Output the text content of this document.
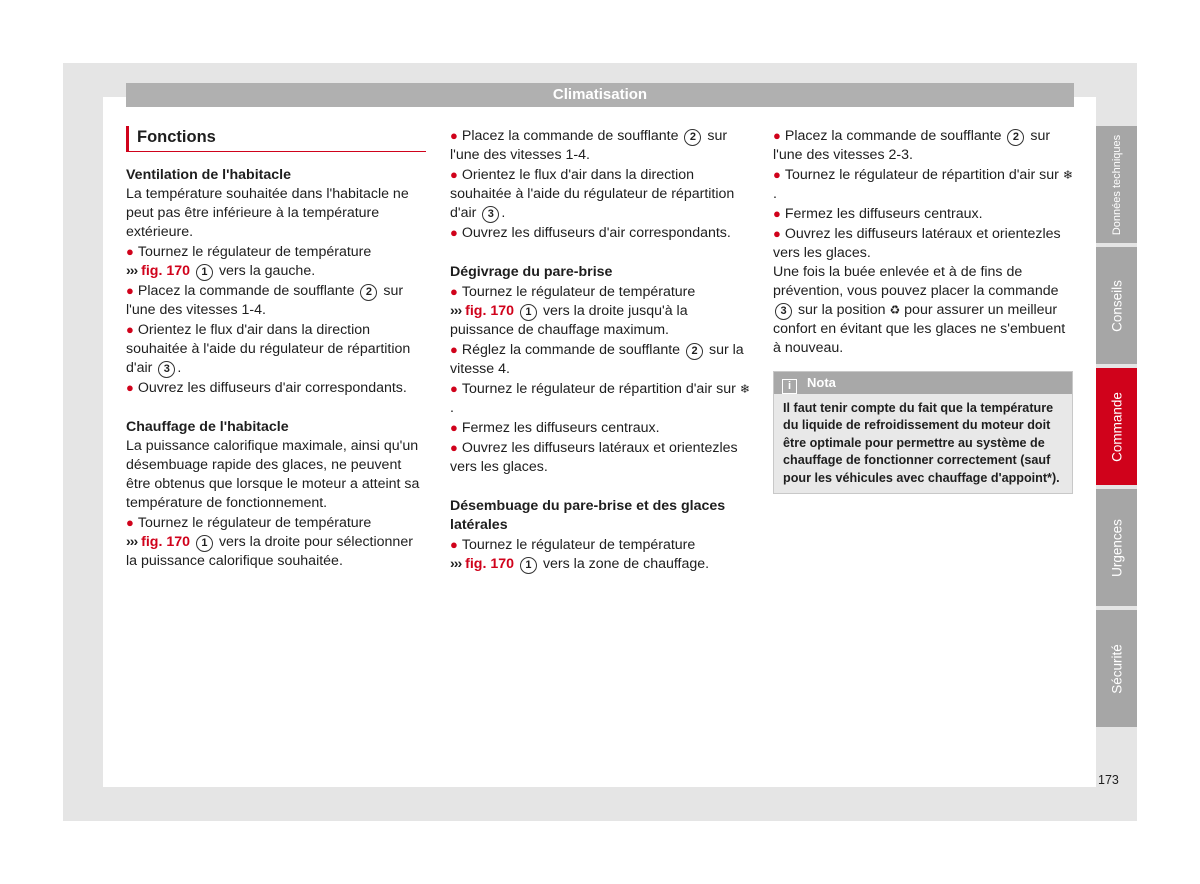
Climatisation
Fonctions

Ventilation de l'habitacle

La température souhaitée dans l'habitacle ne peut pas être inférieure à la température extérieure.

● Tournez le régulateur de température
››› fig. 170 1 vers la gauche.

● Placez la commande de soufflante 2 sur l'une des vitesses 1-4.

● Orientez le flux d'air dans la direction souhaitée à l'aide du régulateur de répartition d'air 3 .

● Ouvrez les diffuseurs d'air correspondants.

Chauffage de l'habitacle

La puissance calorifique maximale, ainsi qu'un désembuage rapide des glaces, ne peuvent être obtenus que lorsque le moteur a atteint sa température de fonctionnement.

● Tournez le régulateur de température
››› fig. 170 1 vers la droite pour sélectionner la puissance calorifique souhaitée.

● Placez la commande de soufflante 2 sur l'une des vitesses 1-4.

● Orientez le flux d'air dans la direction souhaitée à l'aide du régulateur de répartition d'air 3 .

● Ouvrez les diffuseurs d'air correspondants.

Dégivrage du pare-brise

● Tournez le régulateur de température
››› fig. 170 1 vers la droite jusqu'à la puissance de chauffage maximum.

● Réglez la commande de soufflante 2 sur la vitesse 4.

● Tournez le régulateur de répartition d'air sur ❄.

● Fermez les diffuseurs centraux.

● Ouvrez les diffuseurs latéraux et orientezles vers les glaces.

Désembuage du pare-brise et des glaces latérales

● Tournez le régulateur de température
››› fig. 170 1 vers la zone de chauffage.

● Placez la commande de soufflante 2 sur l'une des vitesses 2-3.

● Tournez le régulateur de répartition d'air sur ❄.

● Fermez les diffuseurs centraux.

● Ouvrez les diffuseurs latéraux et orientezles vers les glaces.

Une fois la buée enlevée et à de fins de prévention, vous pouvez placer la commande 3 sur la position ♻ pour assurer un meilleur confort en évitant que les glaces ne s'embuent à nouveau.

i Nota
Il faut tenir compte du fait que la température du liquide de refroidissement du moteur doit être optimale pour permettre au système de chauffage de fonctionner correctement (sauf pour les véhicules avec chauffage d'appoint*).
Données techniques
Conseils
Commande
Urgences
Sécurité
173
